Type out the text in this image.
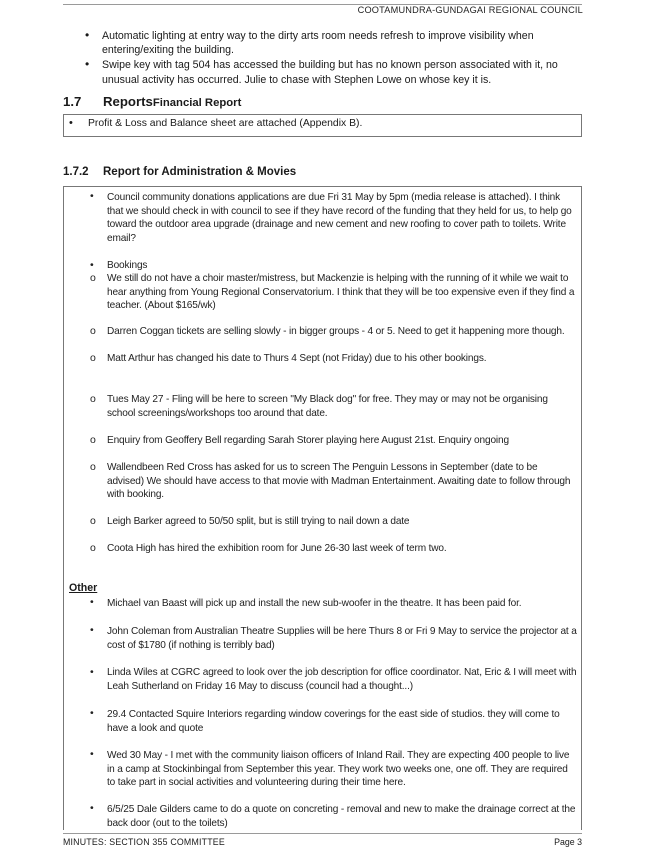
COOTAMUNDRA-GUNDAGAI REGIONAL COUNCIL
• Automatic lighting at entry way to the dirty arts room needs refresh to improve visibility when entering/exiting the building.
• Swipe key with tag 504 has accessed the building but has no known person associated with it, no unusual activity has occurred. Julie to chase with Stephen Lowe on whose key it is.
1.7 ReportsFinancial Report
• Profit & Loss and Balance sheet are attached (Appendix B).
1.7.2 Report for Administration & Movies
• Council community donations applications are due Fri 31 May by 5pm (media release is attached). I think that we should check in with council to see if they have record of the funding that they held for us, to help go toward the outdoor area upgrade (drainage and new cement and new roofing to cover path to toilets. Write email?
• Bookings
o We still do not have a choir master/mistress, but Mackenzie is helping with the running of it while we wait to hear anything from Young Regional Conservatorium. I think that they will be too expensive even if they find a teacher. (About $165/wk)
o Darren Coggan tickets are selling slowly - in bigger groups - 4 or 5. Need to get it happening more though.
o Matt Arthur has changed his date to Thurs 4 Sept (not Friday) due to his other bookings.
o Tues May 27 - Fling will be here to screen "My Black dog" for free. They may or may not be organising school screenings/workshops too around that date.
o Enquiry from Geoffery Bell regarding Sarah Storer playing here August 21st. Enquiry ongoing
o Wallendbeen Red Cross has asked for us to screen The Penguin Lessons in September (date to be advised) We should have access to that movie with Madman Entertainment. Awaiting date to follow through with booking.
o Leigh Barker agreed to 50/50 split, but is still trying to nail down a date
o Coota High has hired the exhibition room for June 26-30 last week of term two.
Other
• Michael van Baast will pick up and install the new sub-woofer in the theatre. It has been paid for.
• John Coleman from Australian Theatre Supplies will be here Thurs 8 or Fri 9 May to service the projector at a cost of $1780 (if nothing is terribly bad)
• Linda Wiles at CGRC agreed to look over the job description for office coordinator. Nat, Eric & I will meet with Leah Sutherland on Friday 16 May to discuss (council had a thought...)
• 29.4 Contacted Squire Interiors regarding window coverings for the east side of studios. they will come to have a look and quote
• Wed 30 May - I met with the community liaison officers of Inland Rail. They are expecting 400 people to live in a camp at Stockinbingal from September this year. They work two weeks one, one off. They are required to take part in social activities and volunteering during their time here.
• 6/5/25 Dale Gilders came to do a quote on concreting - removal and new to make the drainage correct at the back door (out to the toilets)
MINUTES: SECTION 355 COMMITTEE	Page 3
